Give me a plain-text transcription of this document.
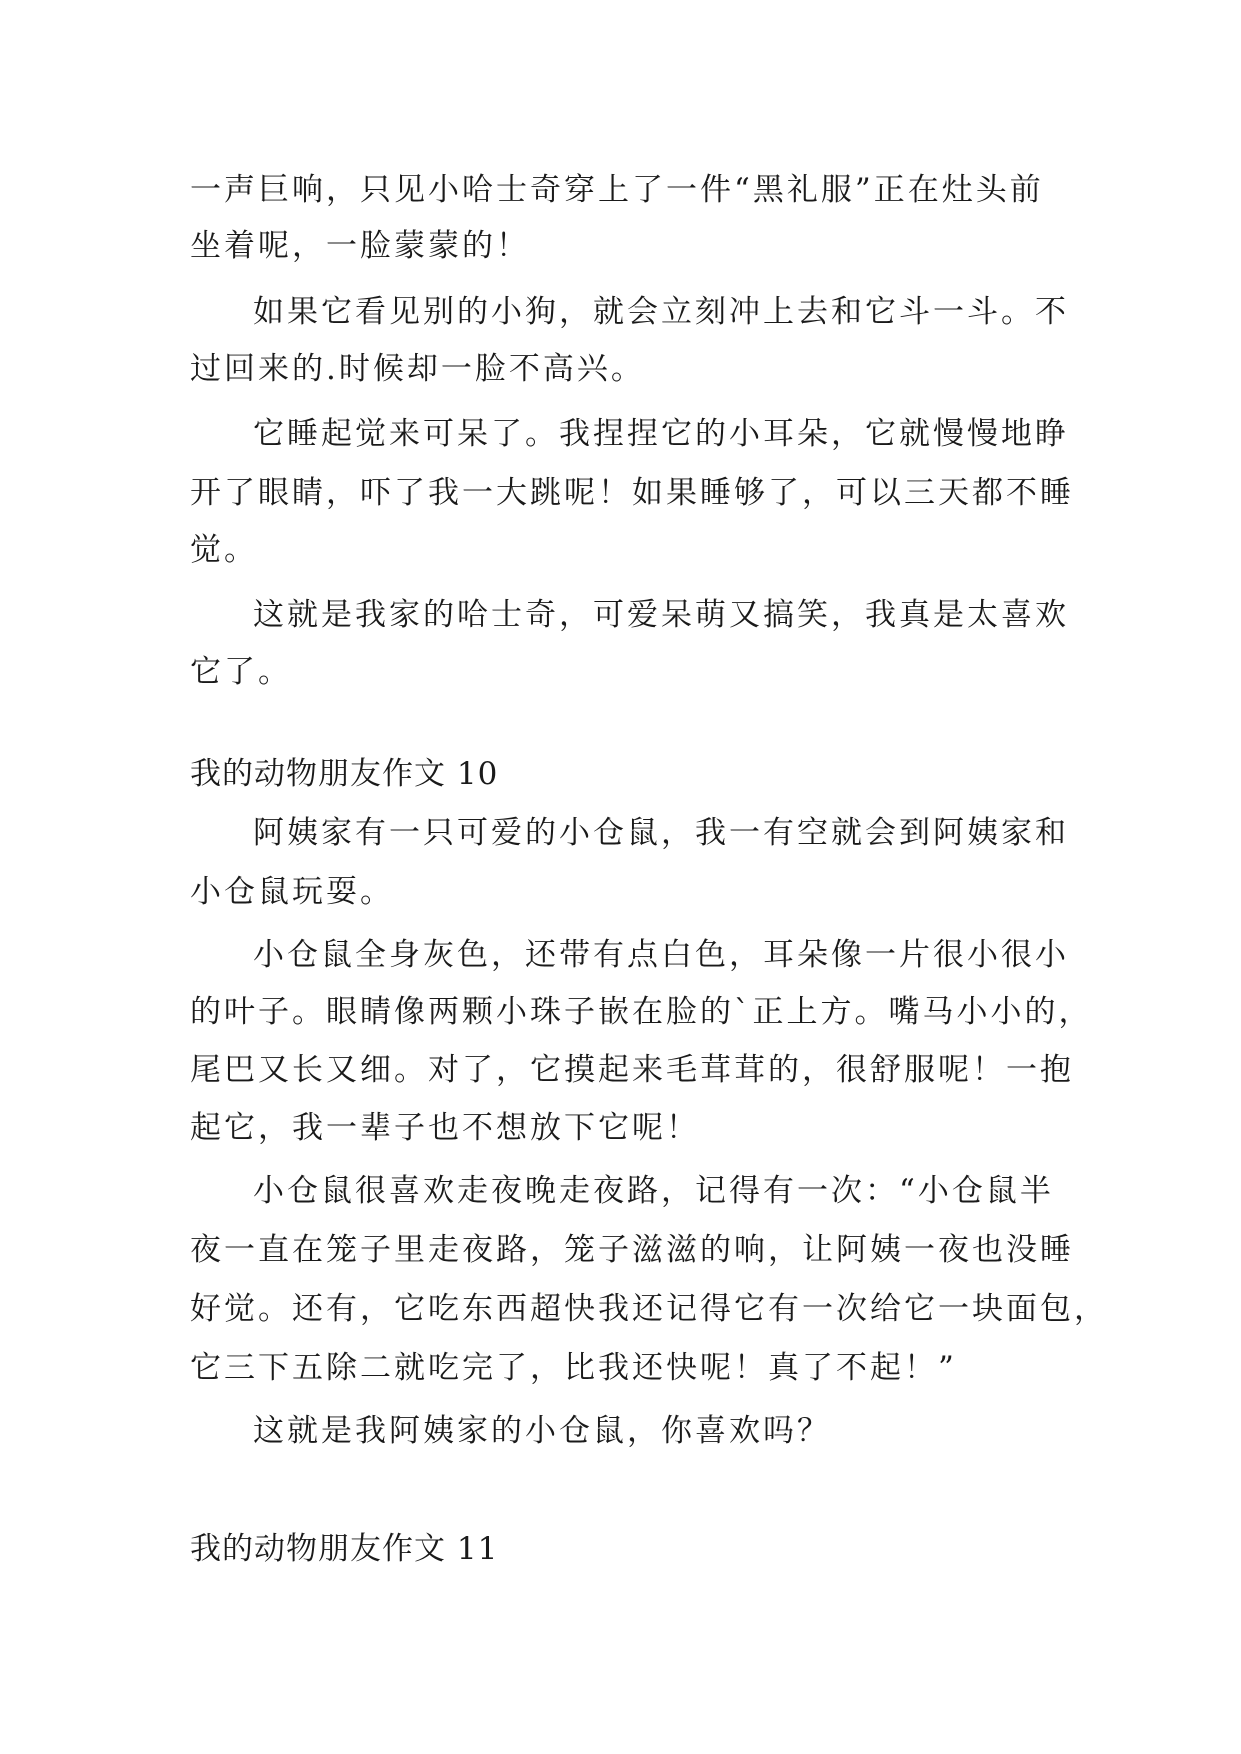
一声巨响，只见小哈士奇穿上了一件“黑礼服”正在灶头前
坐着呢，一脸蒙蒙的！
如果它看见别的小狗，就会立刻冲上去和它斗一斗。不
过回来的.时候却一脸不高兴。
它睡起觉来可呆了。我捏捏它的小耳朵，它就慢慢地睁
开了眼睛，吓了我一大跳呢！如果睡够了，可以三天都不睡
觉。
这就是我家的哈士奇，可爱呆萌又搞笑，我真是太喜欢
它了。
我的动物朋友作文 10
阿姨家有一只可爱的小仓鼠，我一有空就会到阿姨家和
小仓鼠玩耍。
小仓鼠全身灰色，还带有点白色，耳朵像一片很小很小
的叶子。眼睛像两颗小珠子嵌在脸的`正上方。嘴马小小的，
尾巴又长又细。对了，它摸起来毛茸茸的，很舒服呢！一抱
起它，我一辈子也不想放下它呢！
小仓鼠很喜欢走夜晚走夜路，记得有一次：“小仓鼠半
夜一直在笼子里走夜路，笼子滋滋的响，让阿姨一夜也没睡
好觉。还有，它吃东西超快我还记得它有一次给它一块面包，
它三下五除二就吃完了，比我还快呢！真了不起！”
这就是我阿姨家的小仓鼠，你喜欢吗？
我的动物朋友作文 11
